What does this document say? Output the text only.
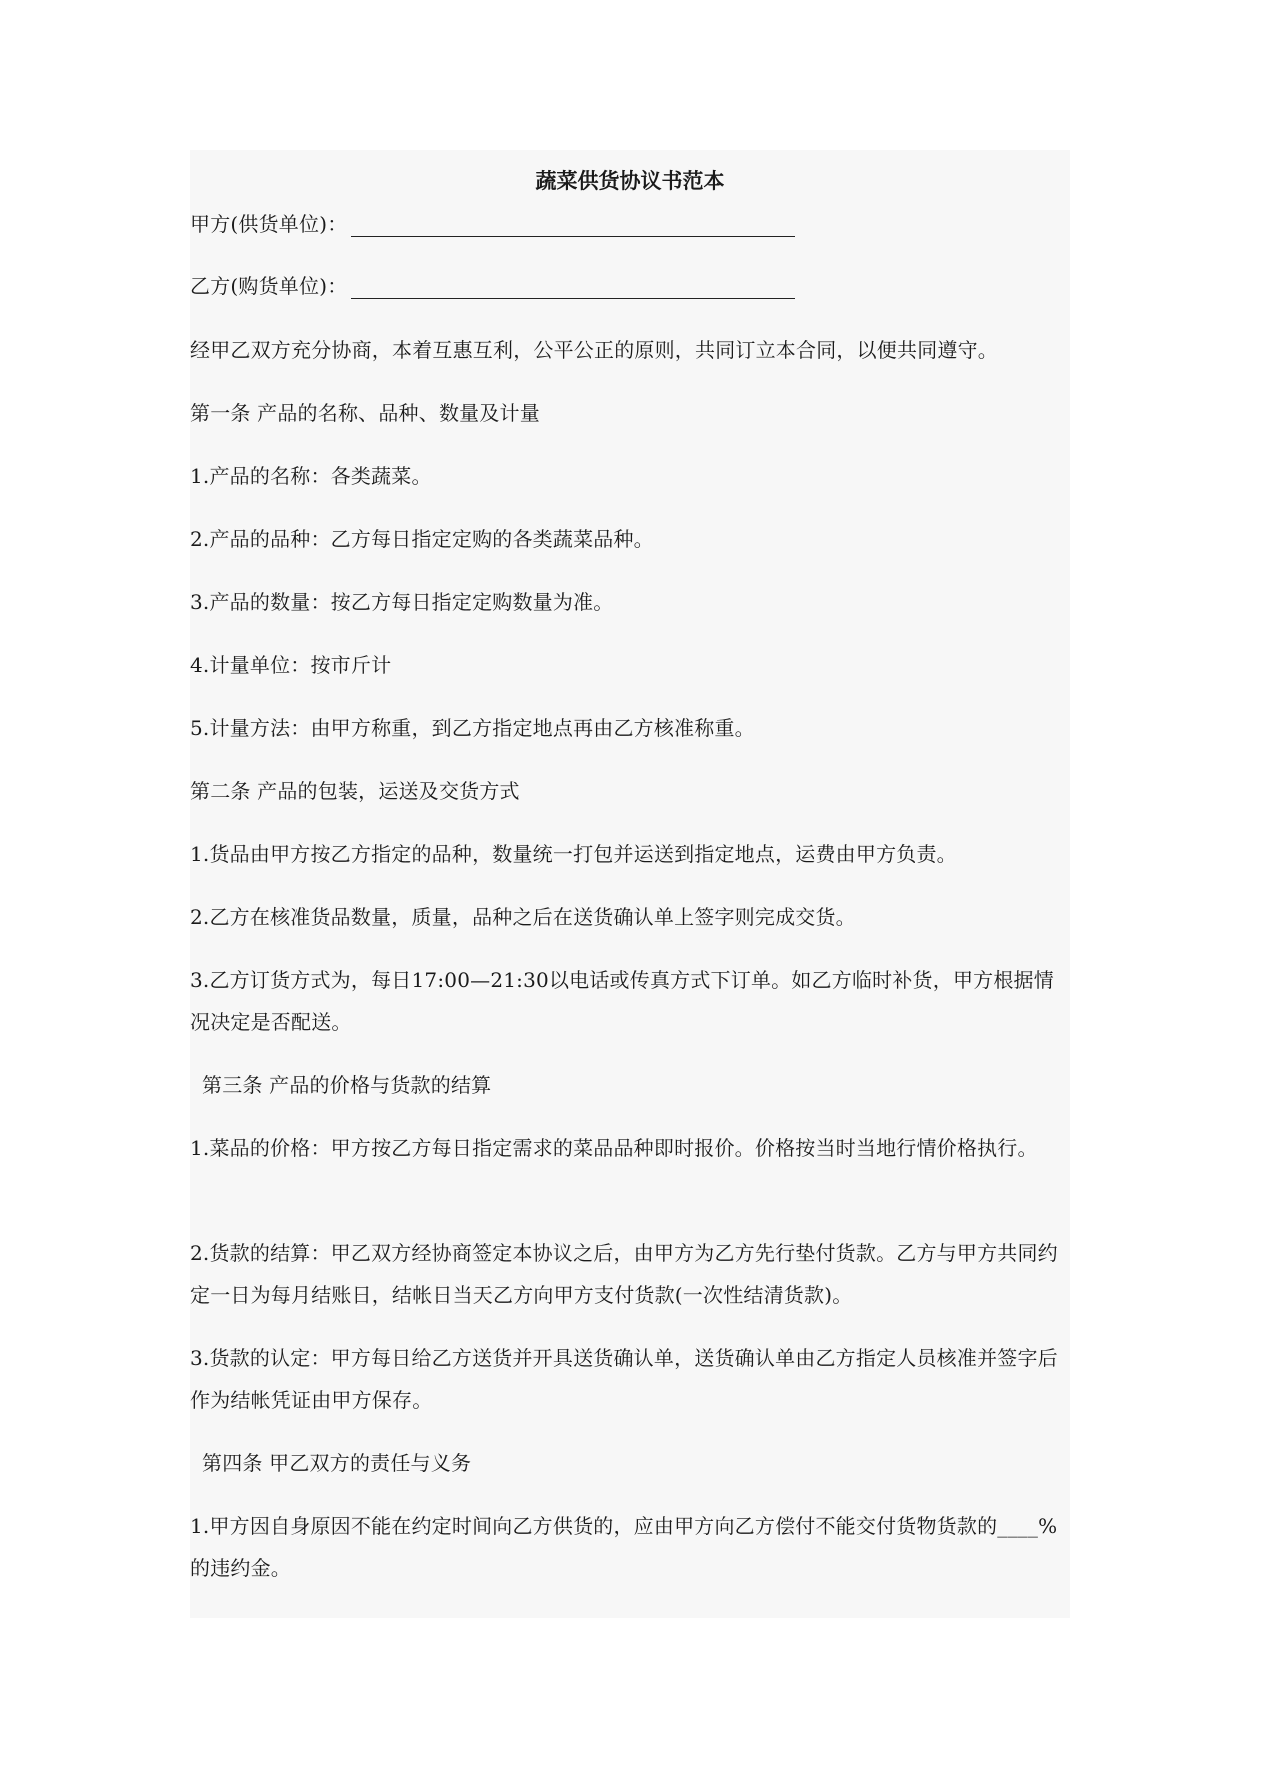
蔬菜供货协议书范本
甲方(供货单位)：
乙方(购货单位)：
经甲乙双方充分协商，本着互惠互利，公平公正的原则，共同订立本合同，以便共同遵守。
第一条 产品的名称、品种、数量及计量
1.产品的名称：各类蔬菜。
2.产品的品种：乙方每日指定定购的各类蔬菜品种。
3.产品的数量：按乙方每日指定定购数量为准。
4.计量单位：按市斤计
5.计量方法：由甲方称重，到乙方指定地点再由乙方核准称重。
第二条 产品的包装，运送及交货方式
1.货品由甲方按乙方指定的品种，数量统一打包并运送到指定地点，运费由甲方负责。
2.乙方在核准货品数量，质量，品种之后在送货确认单上签字则完成交货。
3.乙方订货方式为，每日17:00—21:30以电话或传真方式下订单。如乙方临时补货，甲方根据情况决定是否配送。
第三条 产品的价格与货款的结算
1.菜品的价格：甲方按乙方每日指定需求的菜品品种即时报价。价格按当时当地行情价格执行。
2.货款的结算：甲乙双方经协商签定本协议之后，由甲方为乙方先行垫付货款。乙方与甲方共同约定一日为每月结账日，结帐日当天乙方向甲方支付货款(一次性结清货款)。
3.货款的认定：甲方每日给乙方送货并开具送货确认单，送货确认单由乙方指定人员核准并签字后作为结帐凭证由甲方保存。
第四条 甲乙双方的责任与义务
1.甲方因自身原因不能在约定时间向乙方供货的，应由甲方向乙方偿付不能交付货物货款的____%的违约金。
